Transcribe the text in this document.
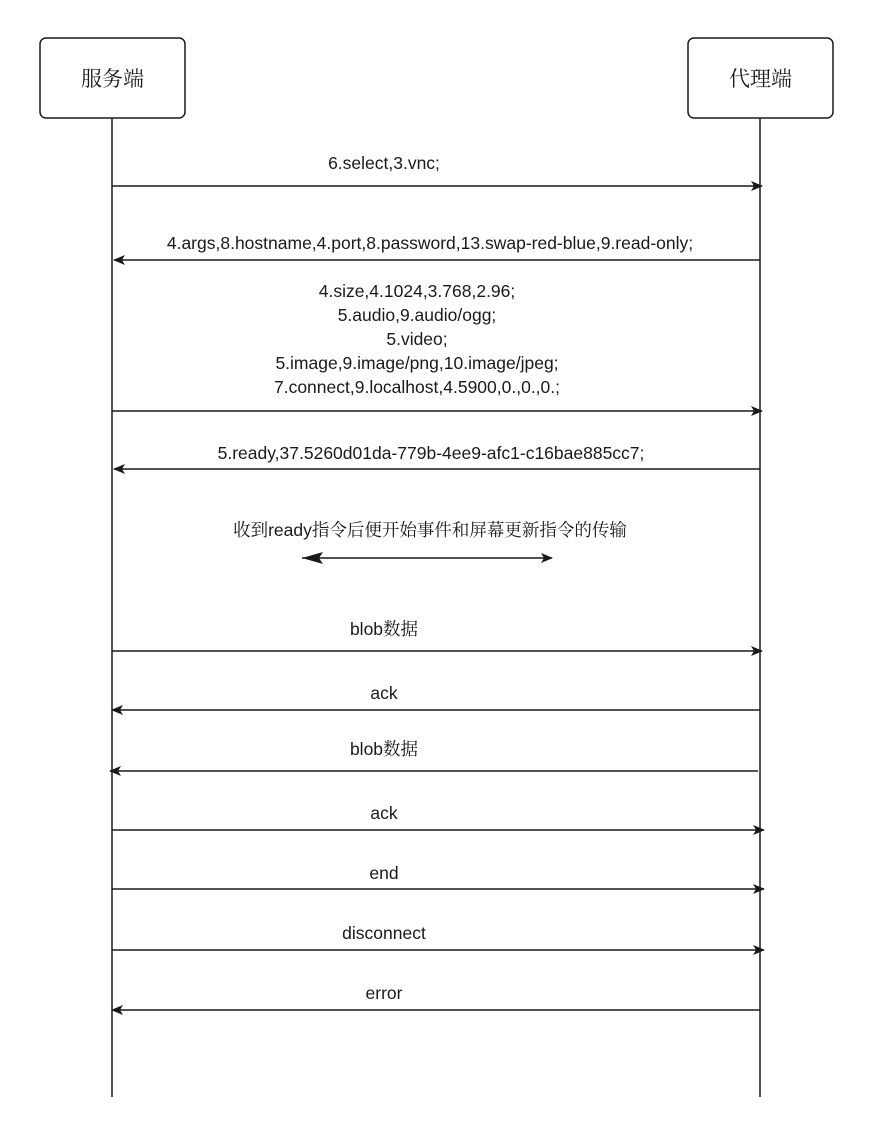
服务端	代理端
6.select,3.vnc;
4.args,8.hostname,4.port,8.password,13.swap-red-blue,9.read-only;
4.size,4.1024,3.768,2.96;
5.audio,9.audio/ogg;
5.video;
5.image,9.image/png,10.image/jpeg;
7.connect,9.localhost,4.5900,0.,0.,0.;
5.ready,37.5260d01da-779b-4ee9-afc1-c16bae885cc7;
收到ready指令后便开始事件和屏幕更新指令的传输
blob数据
ack
blob数据
ack
end
disconnect
error
